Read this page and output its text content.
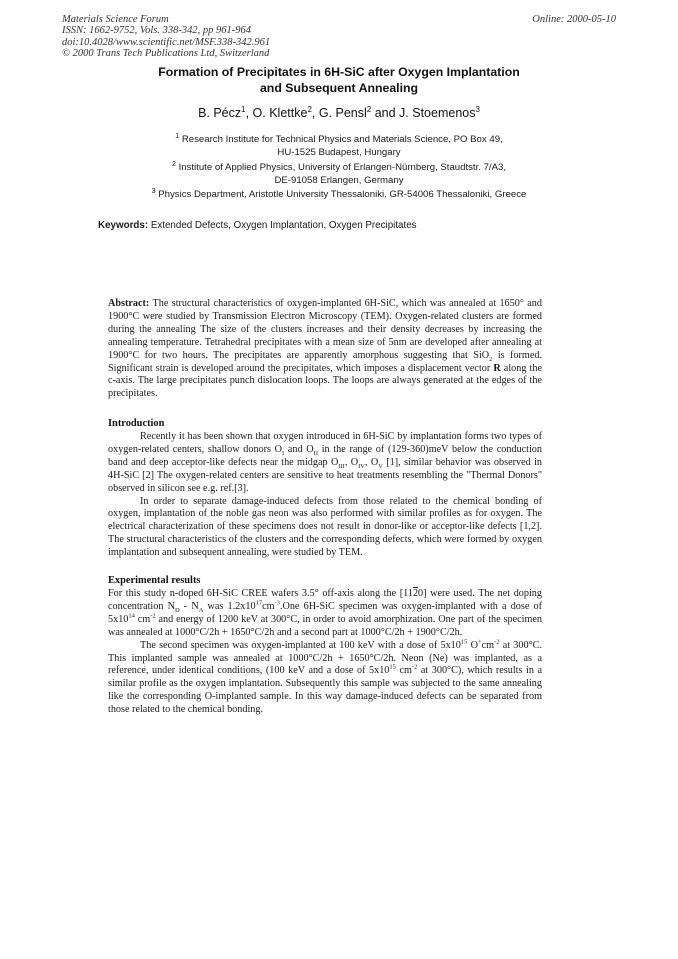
Materials Science Forum
ISSN: 1662-9752, Vols. 338-342, pp 961-964
doi:10.4028/www.scientific.net/MSF.338-342.961
© 2000 Trans Tech Publications Ltd, Switzerland
Online: 2000-05-10
Formation of Precipitates in 6H-SiC after Oxygen Implantation
and Subsequent Annealing
B. Pécz$^1$, O. Klettke$^2$, G. Pensl$^2$ and J. Stoemenos$^3$
$^1$ Research Institute for Technical Physics and Materials Science, PO Box 49,
HU-1525 Budapest, Hungary
$^2$ Institute of Applied Physics, University of Erlangen-Nürnberg, Staudtstr. 7/A3,
DE-91058 Erlangen, Germany
$^3$ Physics Department, Aristotle University Thessaloniki, GR-54006 Thessaloniki, Greece
Keywords: Extended Defects, Oxygen Implantation, Oxygen Precipitates

Abstract: The structural characteristics of oxygen-implanted 6H-SiC, which was annealed at 1650° and 1900°C were studied by Transmission Electron Microscopy (TEM). Oxygen-related clusters are formed during the annealing The size of the clusters increases and their density decreases by increasing the annealing temperature. Tetrahedral precipitates with a mean size of 5nm are developed after annealing at 1900°C for two hours. The precipitates are apparently amorphous suggesting that SiO$_2$ is formed. Significant strain is developed around the precipitates, which imposes a displacement vector R along the c-axis. The large precipitates punch dislocation loops. The loops are always generated at the edges of the precipitates.

Introduction

Recently it has been shown that oxygen introduced in 6H-SiC by implantation forms two types of oxygen-related centers, shallow donors $O_I$ and $O_{II}$ in the range of (129-360)meV below the conduction band and deep acceptor-like defects near the midgap $O_{III}$, $O_{IV}$, $O_V$ [1], similar behavior was observed in 4H-SiC [2] The oxygen-related centers are sensitive to heat treatments resembling the "Thermal Donors" observed in silicon see e.g. ref.[3].

In order to separate damage-induced defects from those related to the chemical bonding of oxygen, implantation of the noble gas neon was also performed with similar profiles as for oxygen. The electrical characterization of these specimens does not result in donor-like or acceptor-like defects [1,2]. The structural characteristics of the clusters and the corresponding defects, which were formed by oxygen implantation and subsequent annealing, were studied by TEM.

Experimental results

For this study n-doped 6H-SiC CREE wafers 3.5° off-axis along the [1120] were used. The net doping concentration $N_D - N_A$ was $1.2x10^{17}cm^{-3}.One$ 6H-SiC specimen was oxygen-implanted with a dose of $5x10^{14}$ $cm^{-2}$ and energy of 1200 keV at 300°C, in order to avoid amorphization. One part of the specimen was annealed at 1000°C/2h + 1650°C/2h and a second part at 1000°C/2h + 1900°C/2h.

The second specimen was oxygen-implanted at 100 keV with a dose of $5x10^{15}$ $O^+cm^{-2}$ at 300°C. This implanted sample was annealed at 1000°C/2h + 1650°C/2h. Neon (Ne) was implanted, as a reference, under identical conditions, (100 keV and a dose of $5x10^{15}$ $cm^{-2}$ at 300°C), which results in a similar profile as the oxygen implantation. Subsequently this sample was subjected to the same annealing like the corresponding O-implanted sample. In this way damage-induced defects can be separated from those related to the chemical bonding.
